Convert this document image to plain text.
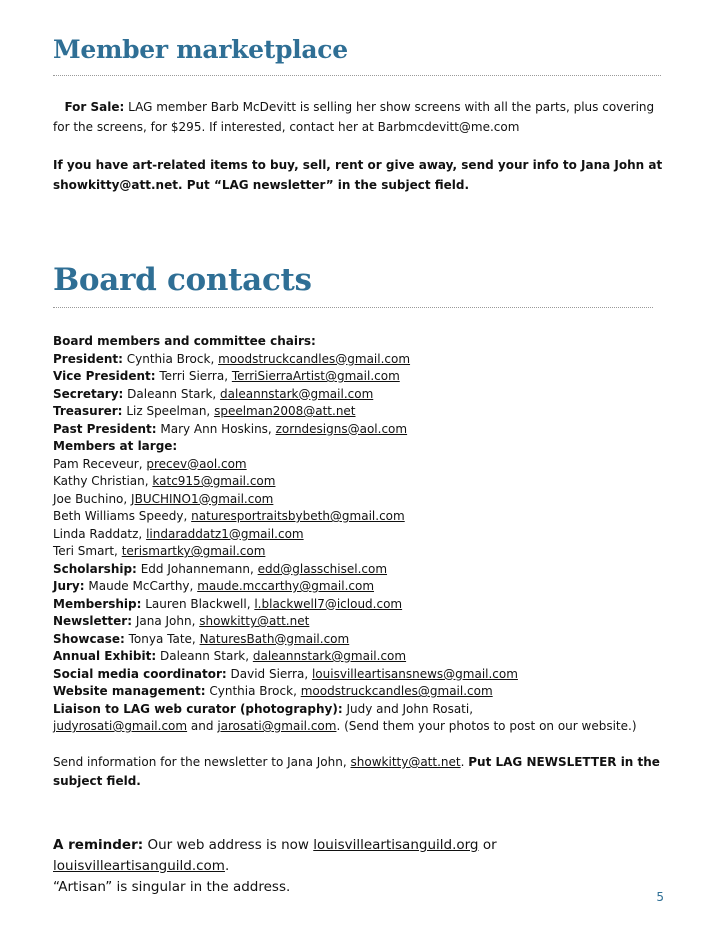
Member marketplace
For Sale: LAG member Barb McDevitt is selling her show screens with all the parts, plus covering for the screens, for $295. If interested, contact her at Barbmcdevitt@me.com
If you have art-related items to buy, sell, rent or give away, send your info to Jana John at
showkitty@att.net. Put “LAG newsletter” in the subject field.
Board contacts
Board members and committee chairs:
President: Cynthia Brock, moodstruckcandles@gmail.com
Vice President: Terri Sierra, TerriSierraArtist@gmail.com
Secretary: Daleann Stark, daleannstark@gmail.com
Treasurer: Liz Speelman, speelman2008@att.net
Past President: Mary Ann Hoskins, zorndesigns@aol.com
Members at large:
Pam Receveur, precev@aol.com
Kathy Christian, katc915@gmail.com
Joe Buchino, JBUCHINO1@gmail.com
Beth Williams Speedy, naturesportraitsbybeth@gmail.com
Linda Raddatz, lindaraddatz1@gmail.com
Teri Smart, terismartky@gmail.com
Scholarship: Edd Johannemann, edd@glasschisel.com
Jury: Maude McCarthy, maude.mccarthy@gmail.com
Membership: Lauren Blackwell, l.blackwell7@icloud.com
Newsletter: Jana John, showkitty@att.net
Showcase: Tonya Tate, NaturesBath@gmail.com
Annual Exhibit: Daleann Stark, daleannstark@gmail.com
Social media coordinator: David Sierra, louisvilleartisansnews@gmail.com
Website management: Cynthia Brock, moodstruckcandles@gmail.com
Liaison to LAG web curator (photography): Judy and John Rosati,
judyrosati@gmail.com and jarosati@gmail.com. (Send them your photos to post on our website.)
Send information for the newsletter to Jana John, showkitty@att.net. Put LAG NEWSLETTER in the subject field.
A reminder: Our web address is now louisvilleartisanguild.org or louisvilleartisanguild.com.
“Artisan” is singular in the address.
5
